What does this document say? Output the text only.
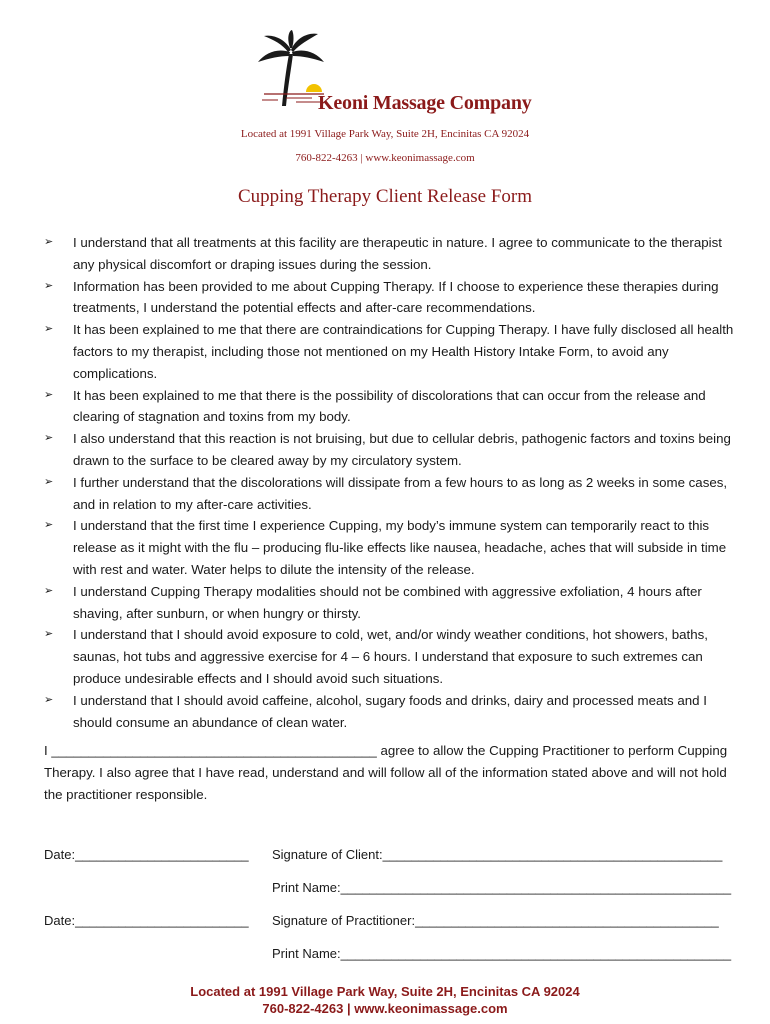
Keoni Massage Company
Located at 1991 Village Park Way, Suite 2H, Encinitas CA 92024
760-822-4263 | www.keonimassage.com
Cupping Therapy Client Release Form
➢ I understand that all treatments at this facility are therapeutic in nature. I agree to communicate to the therapist any physical discomfort or draping issues during the session.
➢ Information has been provided to me about Cupping Therapy. If I choose to experience these therapies during treatments, I understand the potential effects and after-care recommendations.
➢ It has been explained to me that there are contraindications for Cupping Therapy. I have fully disclosed all health factors to my therapist, including those not mentioned on my Health History Intake Form, to avoid any complications.
➢ It has been explained to me that there is the possibility of discolorations that can occur from the release and clearing of stagnation and toxins from my body.
➢ I also understand that this reaction is not bruising, but due to cellular debris, pathogenic factors and toxins being drawn to the surface to be cleared away by my circulatory system.
➢ I further understand that the discolorations will dissipate from a few hours to as long as 2 weeks in some cases, and in relation to my after-care activities.
➢ I understand that the first time I experience Cupping, my body’s immune system can temporarily react to this release as it might with the flu – producing flu-like effects like nausea, headache, aches that will subside in time with rest and water. Water helps to dilute the intensity of the release.
➢ I understand Cupping Therapy modalities should not be combined with aggressive exfoliation, 4 hours after shaving, after sunburn, or when hungry or thirsty.
➢ I understand that I should avoid exposure to cold, wet, and/or windy weather conditions, hot showers, baths, saunas, hot tubs and aggressive exercise for 4 – 6 hours. I understand that exposure to such extremes can produce undesirable effects and I should avoid such situations.
➢ I understand that I should avoid caffeine, alcohol, sugary foods and drinks, dairy and processed meats and I should consume an abundance of clean water.
I ____________________________________________ agree to allow the Cupping Practitioner to perform Cupping Therapy. I also agree that I have read, understand and will follow all of the information stated above and will not hold the practitioner responsible.
Date:________________________ Signature of Client:_______________________________________________
Print Name:______________________________________________________
Date:________________________ Signature of Practitioner:__________________________________________
Print Name:______________________________________________________
Located at 1991 Village Park Way, Suite 2H, Encinitas CA 92024
760-822-4263 | www.keonimassage.com
